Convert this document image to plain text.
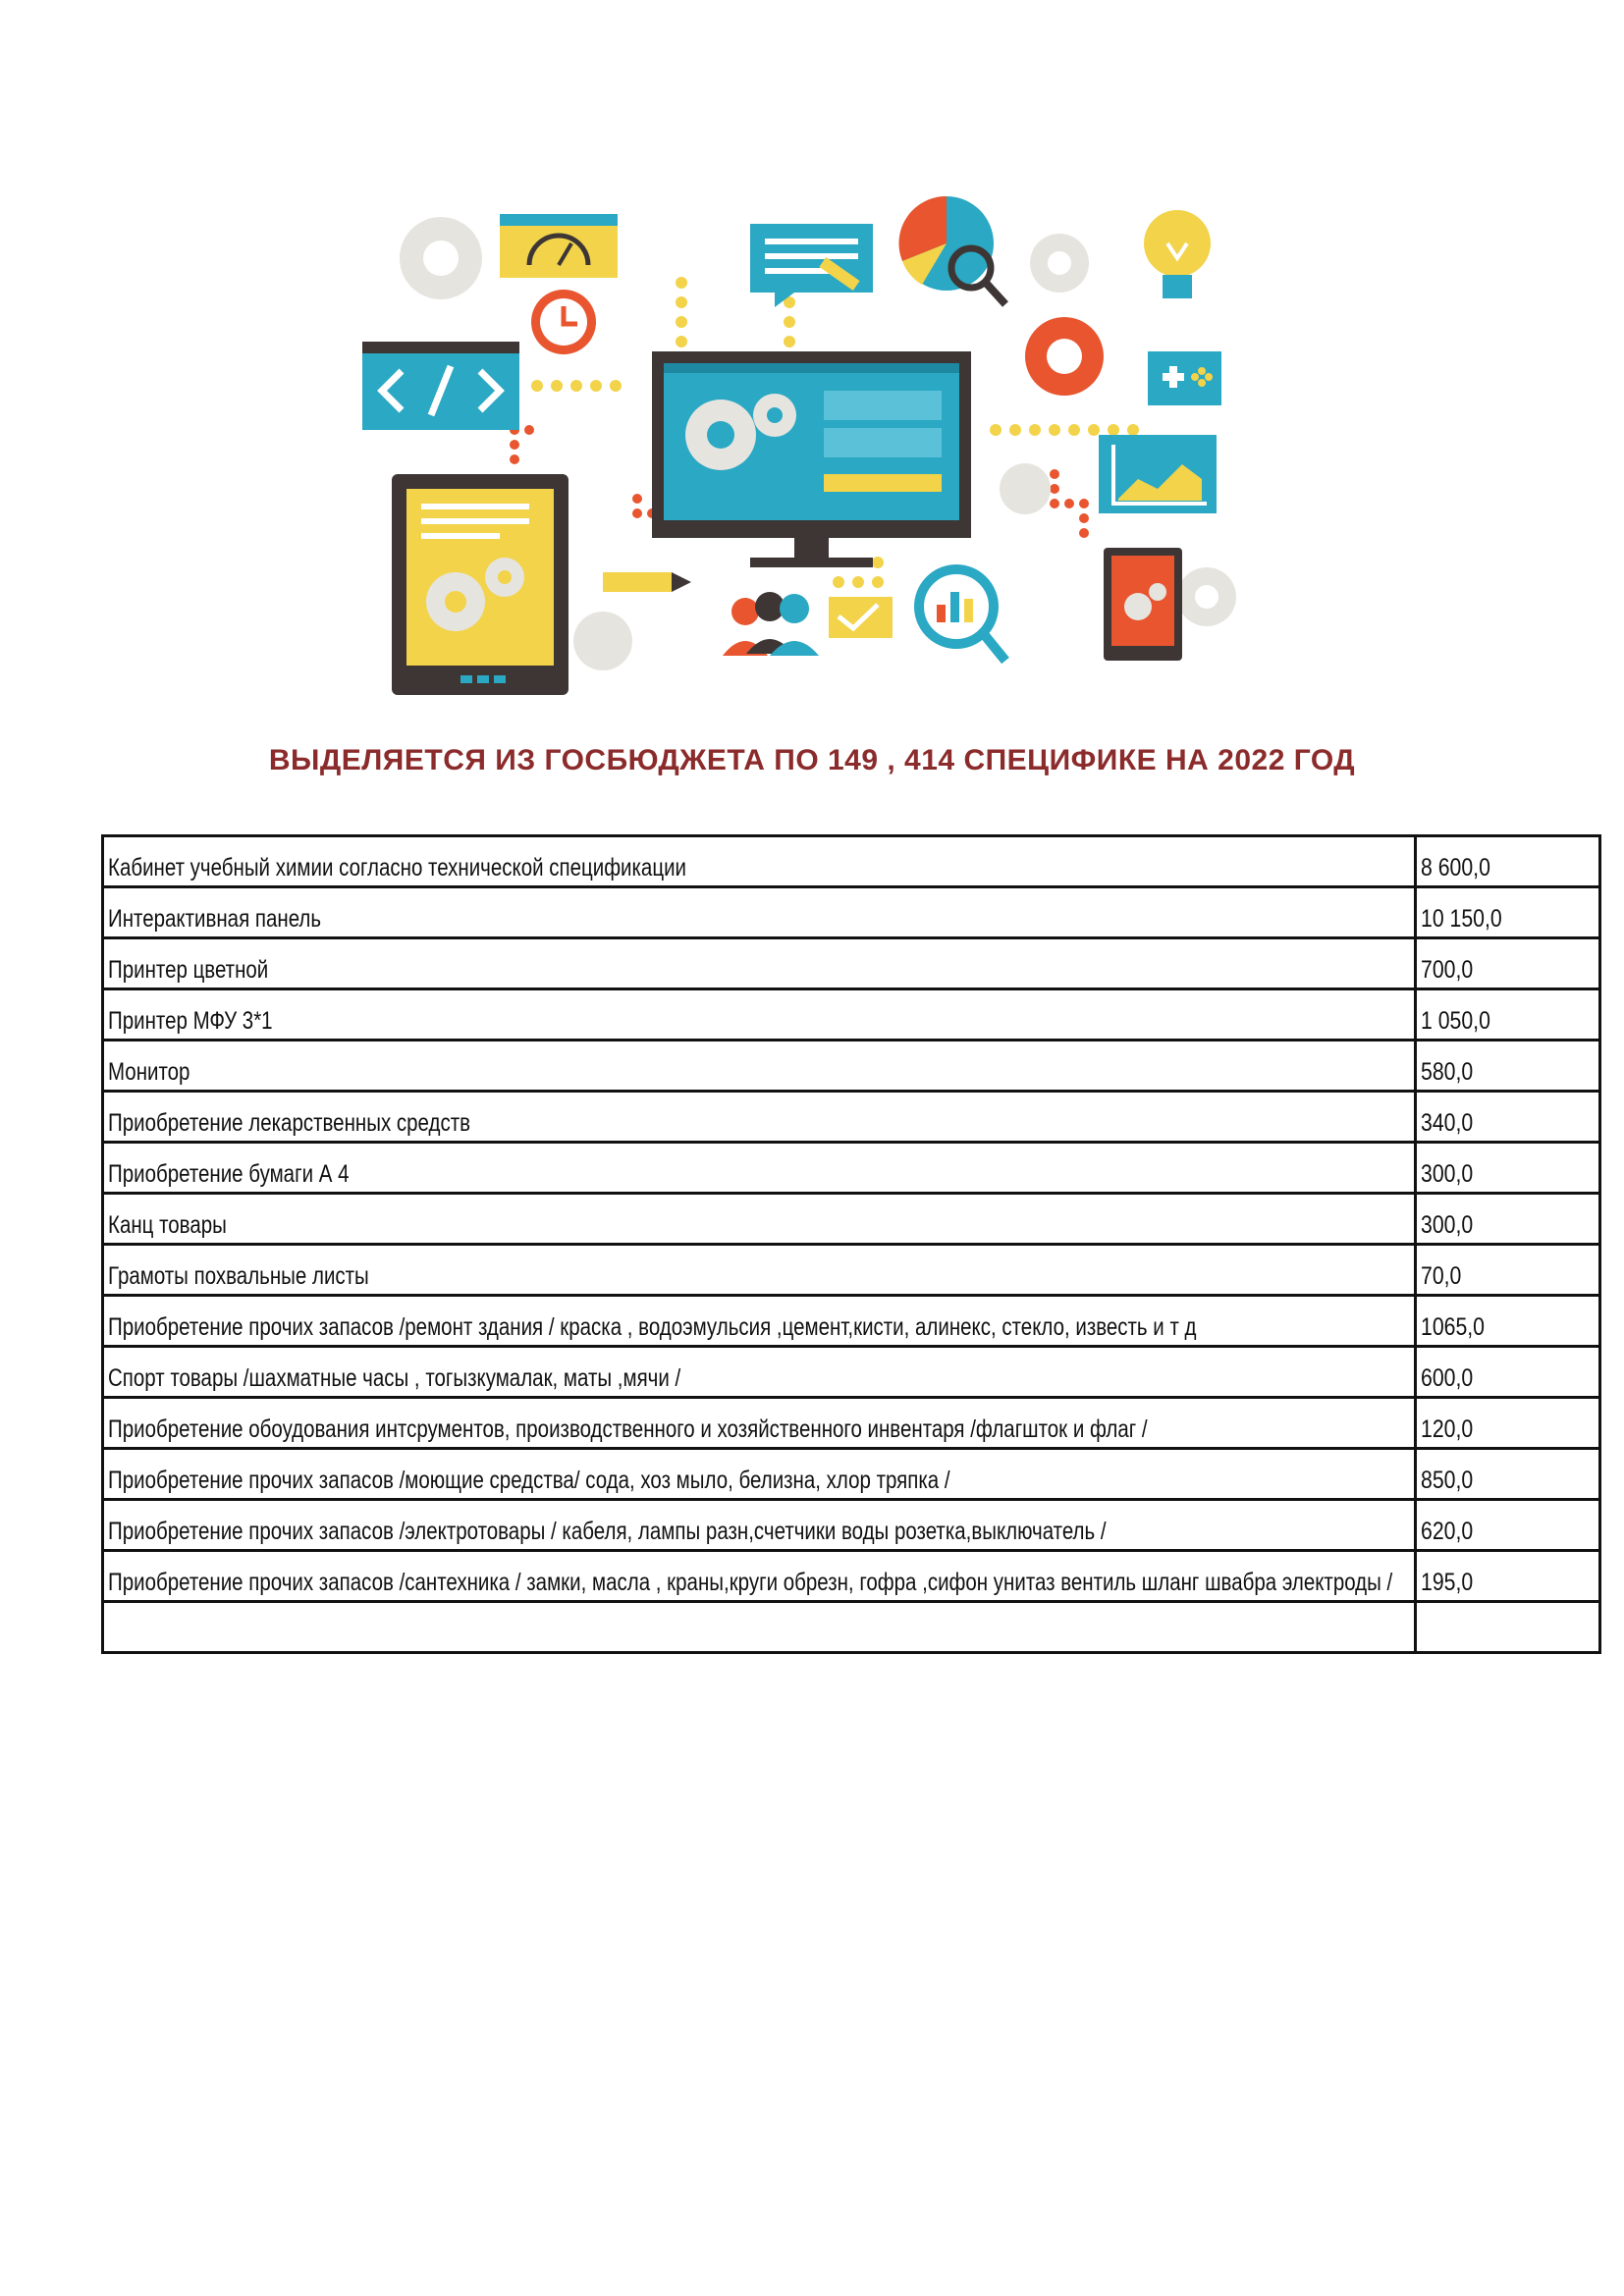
ВЫДЕЛЯЕТСЯ ИЗ ГОСБЮДЖЕТА ПО 149 , 414 СПЕЦИФИКЕ НА 2022 ГОД
Кабинет учебный химии согласно технической спецификации	8 600,0
Интерактивная панель	10 150,0
Принтер цветной	700,0
Принтер МФУ 3*1	1 050,0
Монитор	580,0
Приобретение лекарственных средств	340,0
Приобретение бумаги А 4	300,0
Канц товары	300,0
Грамоты похвальные листы	70,0
Приобретение прочих запасов /ремонт здания / краска , водоэмульсия ,цемент,кисти, алинекс, стекло, известь и т д	1065,0
Спорт товары /шахматные часы , тогызкумалак, маты ,мячи /	600,0
Приобретение обоудования интсрументов, производственного и хозяйственного инвентаря /флагшток и флаг /	120,0
Приобретение прочих запасов /моющие средства/ сода, хоз мыло, белизна, хлор тряпка /	850,0
Приобретение прочих запасов /электротовары / кабеля, лампы разн,счетчики воды розетка,выключатель /	620,0
Приобретение прочих запасов /сантехника / замки, масла , краны,круги обрезн, гофра ,сифон унитаз вентиль шланг швабра электроды /	195,0
